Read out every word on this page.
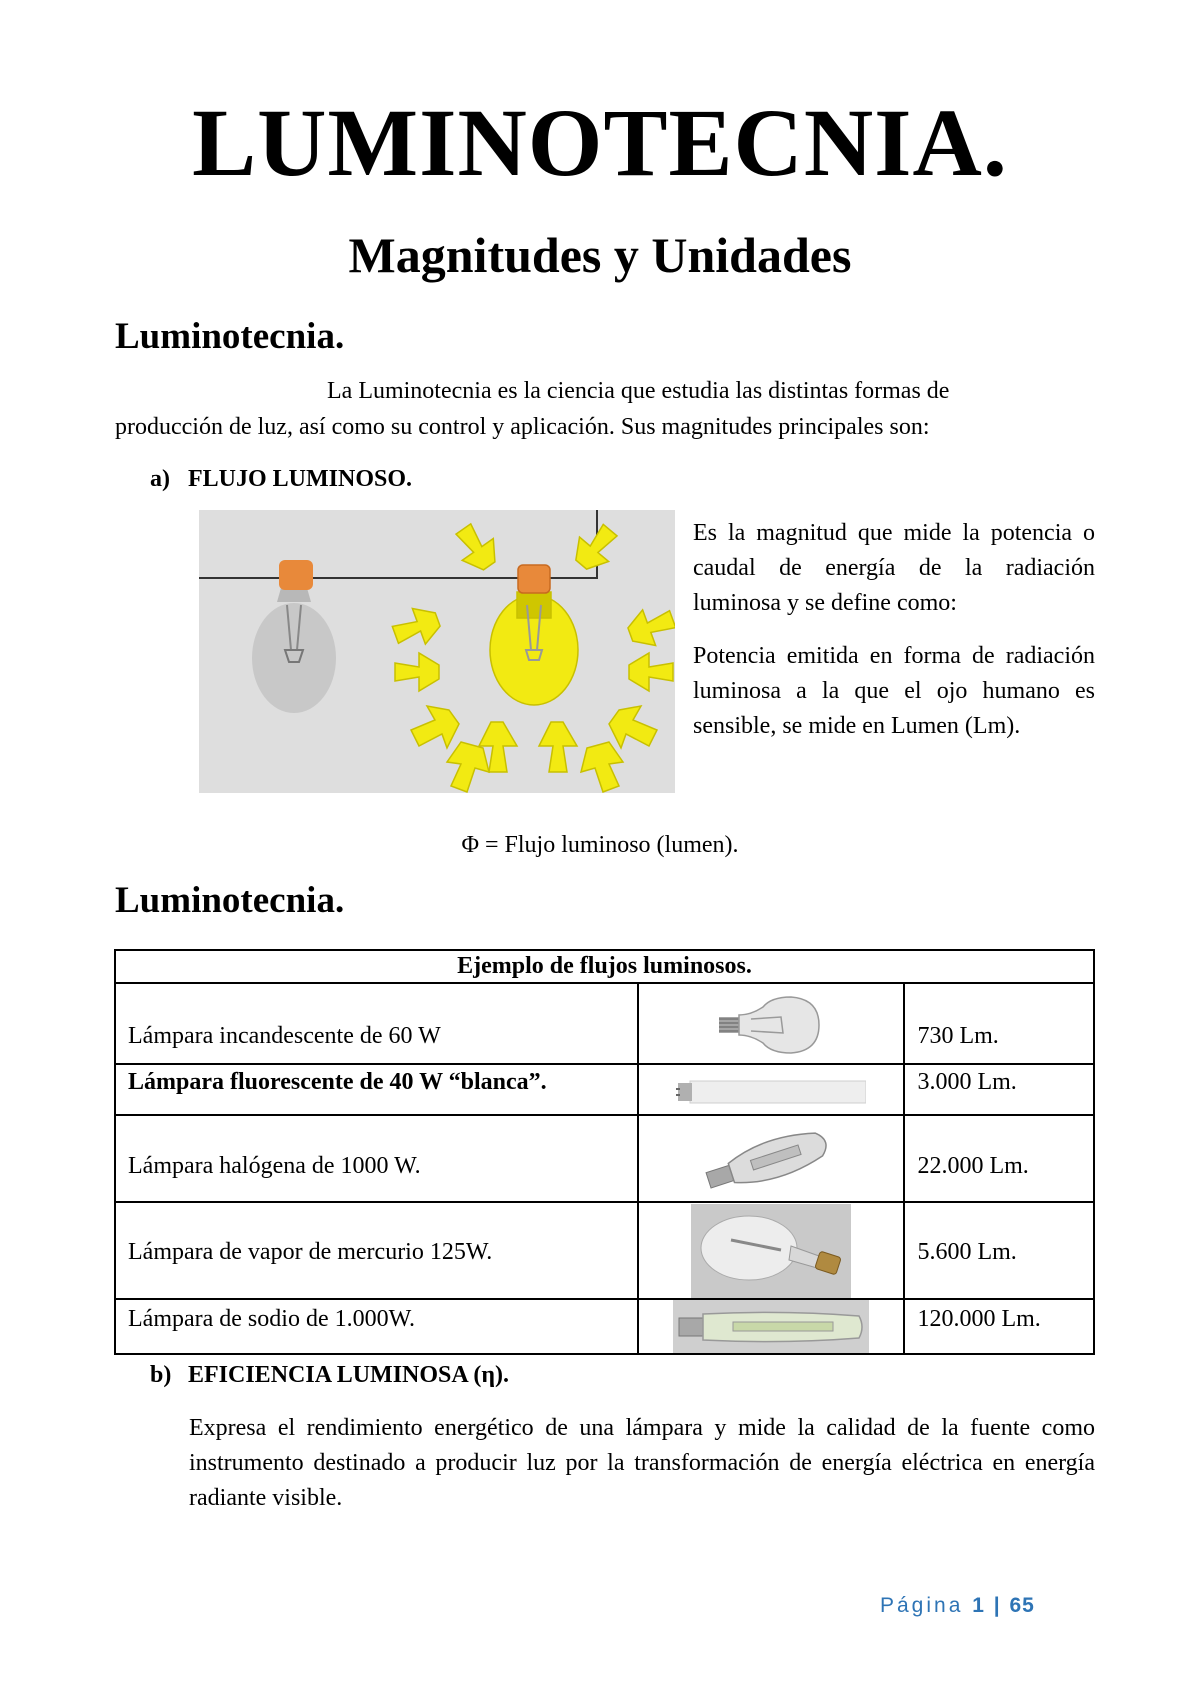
LUMINOTECNIA.
Magnitudes y Unidades
Luminotecnia.
La Luminotecnia es la ciencia que estudia las distintas formas de
producción de luz, así como su control y aplicación. Sus magnitudes principales son:
a) FLUJO LUMINOSO.

Es la magnitud que mide la potencia o caudal de energía de la radiación luminosa y se define como:

Potencia emitida en forma de radiación luminosa a la que el ojo humano es sensible, se mide en Lumen (Lm).

Φ = Flujo luminoso (lumen).
Luminotecnia.
Ejemplo de flujos luminosos.		
Lámpara incandescente de 60 W		730 Lm.
Lámpara fluorescente de 40 W “blanca”.		3.000 Lm.
Lámpara halógena de 1000 W.		22.000 Lm.
Lámpara de vapor de mercurio 125W.		5.600 Lm.
Lámpara de sodio de 1.000W.		120.000 Lm.
b) EFICIENCIA LUMINOSA (η).
Expresa el rendimiento energético de una lámpara y mide la calidad de la fuente como instrumento destinado a producir luz por la transformación de energía eléctrica en energía radiante visible.
Página 1 | 65
